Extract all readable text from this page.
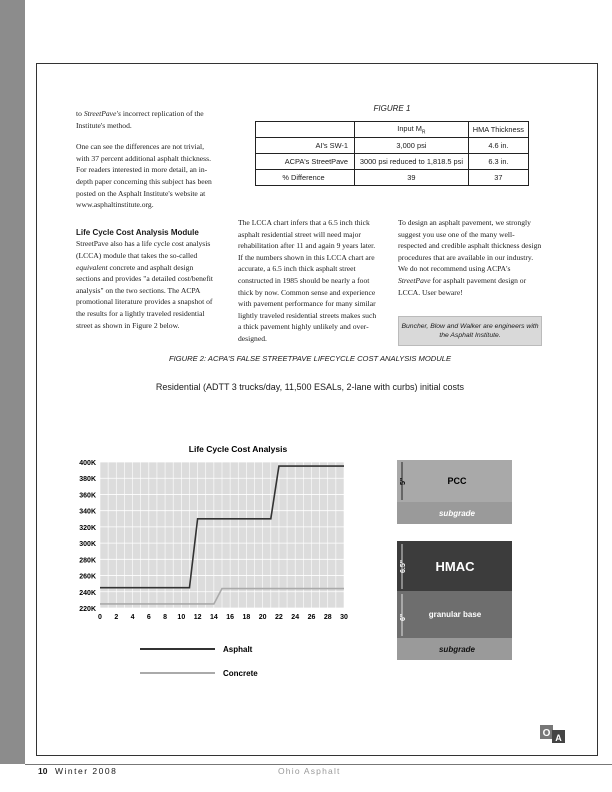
to StreetPave's incorrect replication of the Institute's method.

One can see the differences are not trivial, with 37 percent additional asphalt thickness. For readers interested in more detail, an in-depth paper concerning this subject has been posted on the Asphalt Institute's website at www.asphaltinstitute.org.

Life Cycle Cost Analysis Module
StreetPave also has a life cycle cost analysis (LCCA) module that takes the so-called equivalent concrete and asphalt design sections and provides "a detailed cost/benefit analysis" on the two sections. The ACPA promotional literature provides a snapshot of the results for a lightly traveled residential street as shown in Figure 2 below.

FIGURE 1
	Input $M_R$	HMA Thickness
AI's SW-1	3,000 psi	4.6 in.
ACPA's StreetPave	3000 psi reduced to 1,818.5 psi	6.3 in.
% Difference	39	37

The LCCA chart infers that a 6.5 inch thick asphalt residential street will need major rehabilitation after 11 and again 9 years later. If the numbers shown in this LCCA chart are accurate, a 6.5 inch thick asphalt street constructed in 1985 should be nearly a foot thick by now. Common sense and experience with pavement performance for many similar lightly traveled residential streets makes such a thick pavement highly unlikely and over-designed.

To design an asphalt pavement, we strongly suggest you use one of the many well-respected and credible asphalt thickness design procedures that are available in our industry. We do not recommend using ACPA's StreetPave for asphalt pavement design or LCCA. User beware!

Buncher, Blow and Walker are engineers with the Asphalt Institute.
FIGURE 2: ACPA'S FALSE STREETPAVE LIFECYCLE COST ANALYSIS MODULE
Residential (ADTT 3 trucks/day, 11,500 ESALs, 2-lane with curbs) initial costs
Life Cycle Cost Analysis
220K
240K
260K
280K
300K
320K
340K
360K
380K
400K
0 2 4 6 8 10 12 14 16 18 20 22 24 26 28 30
Asphalt
Concrete
5"	PCC
subgrade
6.5"
6"
HMAC
granular base
subgrade
O A
10 Winter 2008	Ohio Asphalt
